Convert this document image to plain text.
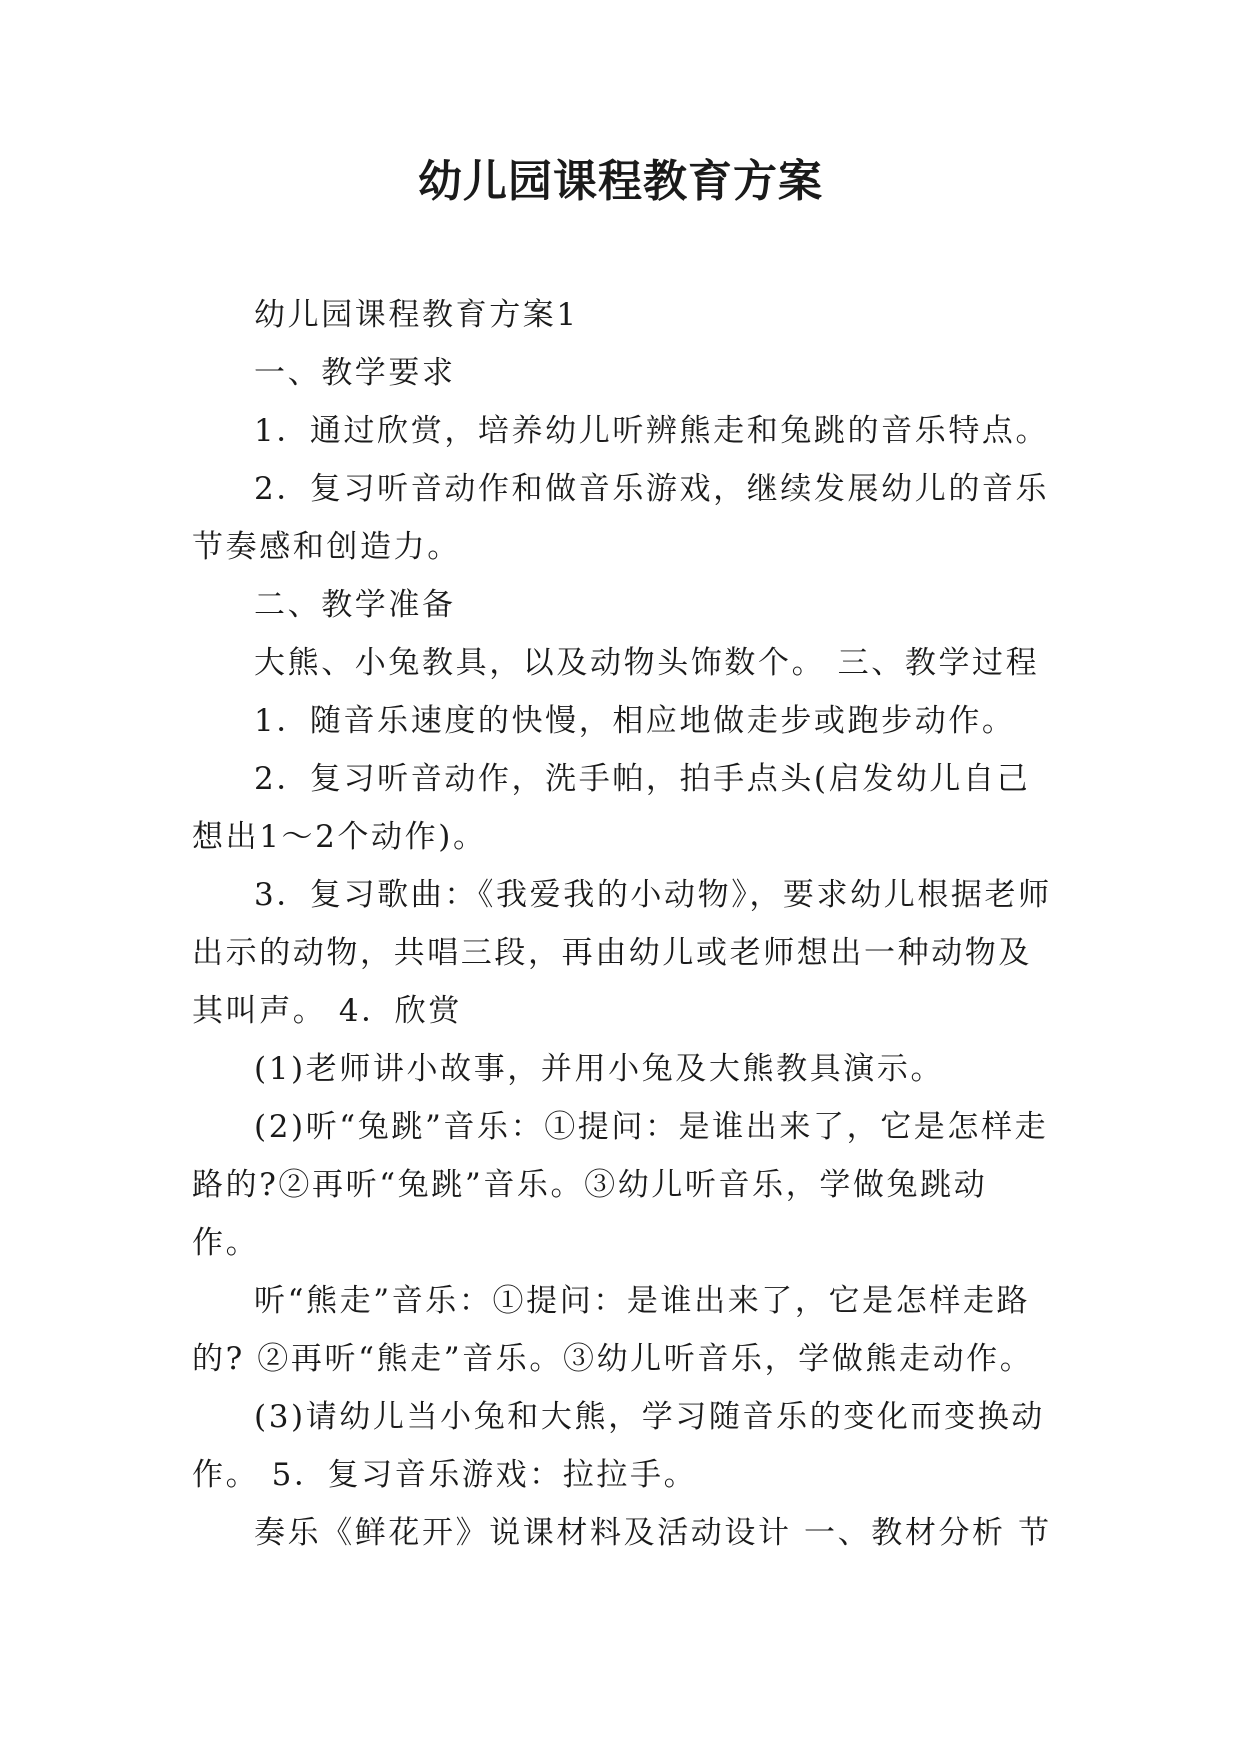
幼儿园课程教育方案

幼儿园课程教育方案1

一、教学要求

1．通过欣赏，培养幼儿听辨熊走和兔跳的音乐特点。

2．复习听音动作和做音乐游戏，继续发展幼儿的音乐节奏感和创造力。

二、教学准备

大熊、小兔教具，以及动物头饰数个。 三、教学过程

1．随音乐速度的快慢，相应地做走步或跑步动作。

2．复习听音动作，洗手帕，拍手点头(启发幼儿自己想出1～2个动作)。

3．复习歌曲：《我爱我的小动物》，要求幼儿根据老师出示的动物，共唱三段，再由幼儿或老师想出一种动物及其叫声。 4．欣赏

(1)老师讲小故事，并用小兔及大熊教具演示。

(2)听“兔跳”音乐：①提问：是谁出来了，它是怎样走路的?②再听“兔跳”音乐。③幼儿听音乐，学做兔跳动作。

听“熊走”音乐：①提问：是谁出来了，它是怎样走路的? ②再听“熊走”音乐。③幼儿听音乐，学做熊走动作。

(3)请幼儿当小兔和大熊，学习随音乐的变化而变换动作。 5．复习音乐游戏：拉拉手。

奏乐《鲜花开》说课材料及活动设计 一、教材分析 节
